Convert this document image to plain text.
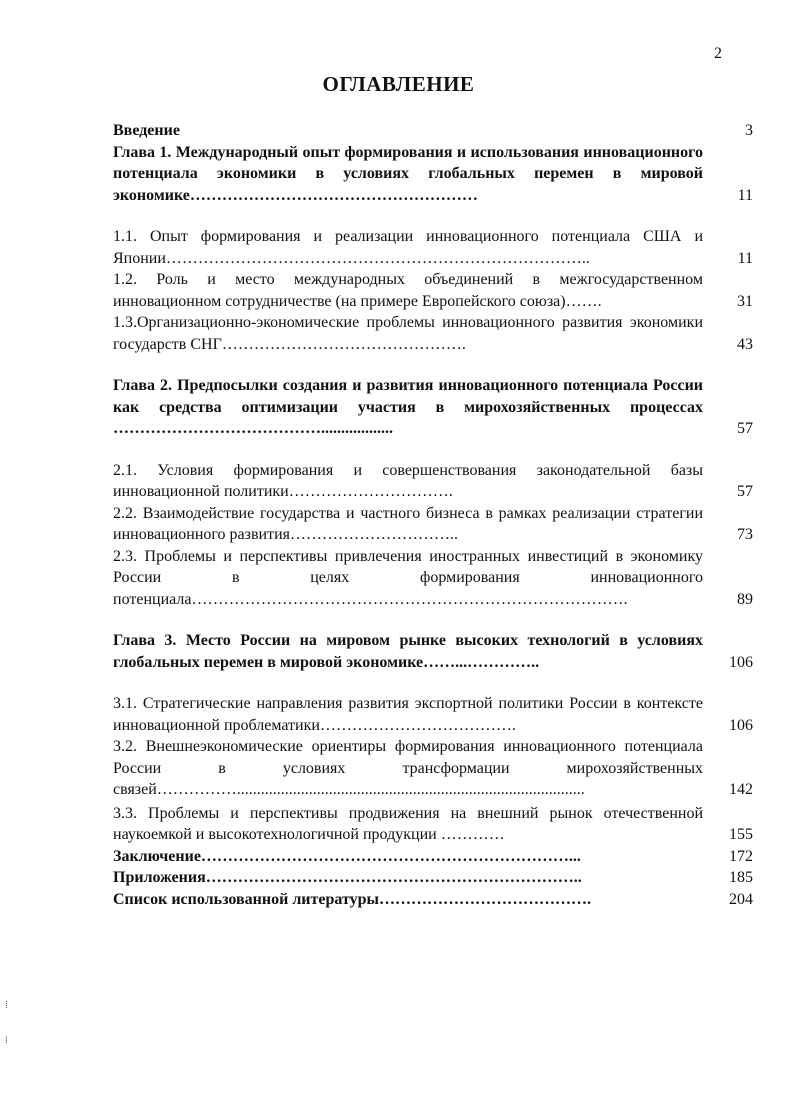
2
ОГЛАВЛЕНИЕ
Введение	3
Глава 1. Международный опыт формирования и использования инновационного потенциала экономики в условиях глобальных перемен в мировой экономике………………………………………………	11
1.1. Опыт формирования и реализации инновационного потенциала США и Японии……………………………………………………………………..	11
1.2. Роль и место международных объединений в межгосударственном инновационном сотрудничестве (на примере Европейского союза)…….	31
1.3.Организационно-экономические проблемы инновационного развития экономики государств СНГ……………………………………….	43
Глава 2. Предпосылки создания и развития инновационного потенциала России как средства оптимизации участия в мирохозяйственных процессах …………………………………..................	57
2.1. Условия формирования и совершенствования законодательной базы инновационной политики………………………….	57
2.2. Взаимодействие государства и частного бизнеса в рамках реализации стратегии инновационного развития…………………………..	73
2.3. Проблемы и перспективы привлечения иностранных инвестиций в экономику России в целях формирования инновационного потенциала……………………………………………………………………….	89
Глава 3. Место России на мировом рынке высоких технологий в условиях глобальных перемен в мировой экономике……...…………..	106
3.1. Стратегические направления развития экспортной политики России в контексте инновационной проблематики……………………………….	106
3.2. Внешнеэкономические ориентиры формирования инновационного потенциала России в условиях трансформации мирохозяйственных связей…………….......................................................................................	142
3.3. Проблемы и перспективы продвижения на внешний рынок отечественной наукоемкой и высокотехнологичной продукции …………	155
Заключение……………………………………………………………...	172
Приложения……………………………………………………………..	185
Список использованной литературы………………………………….	204
⁞
⁞
